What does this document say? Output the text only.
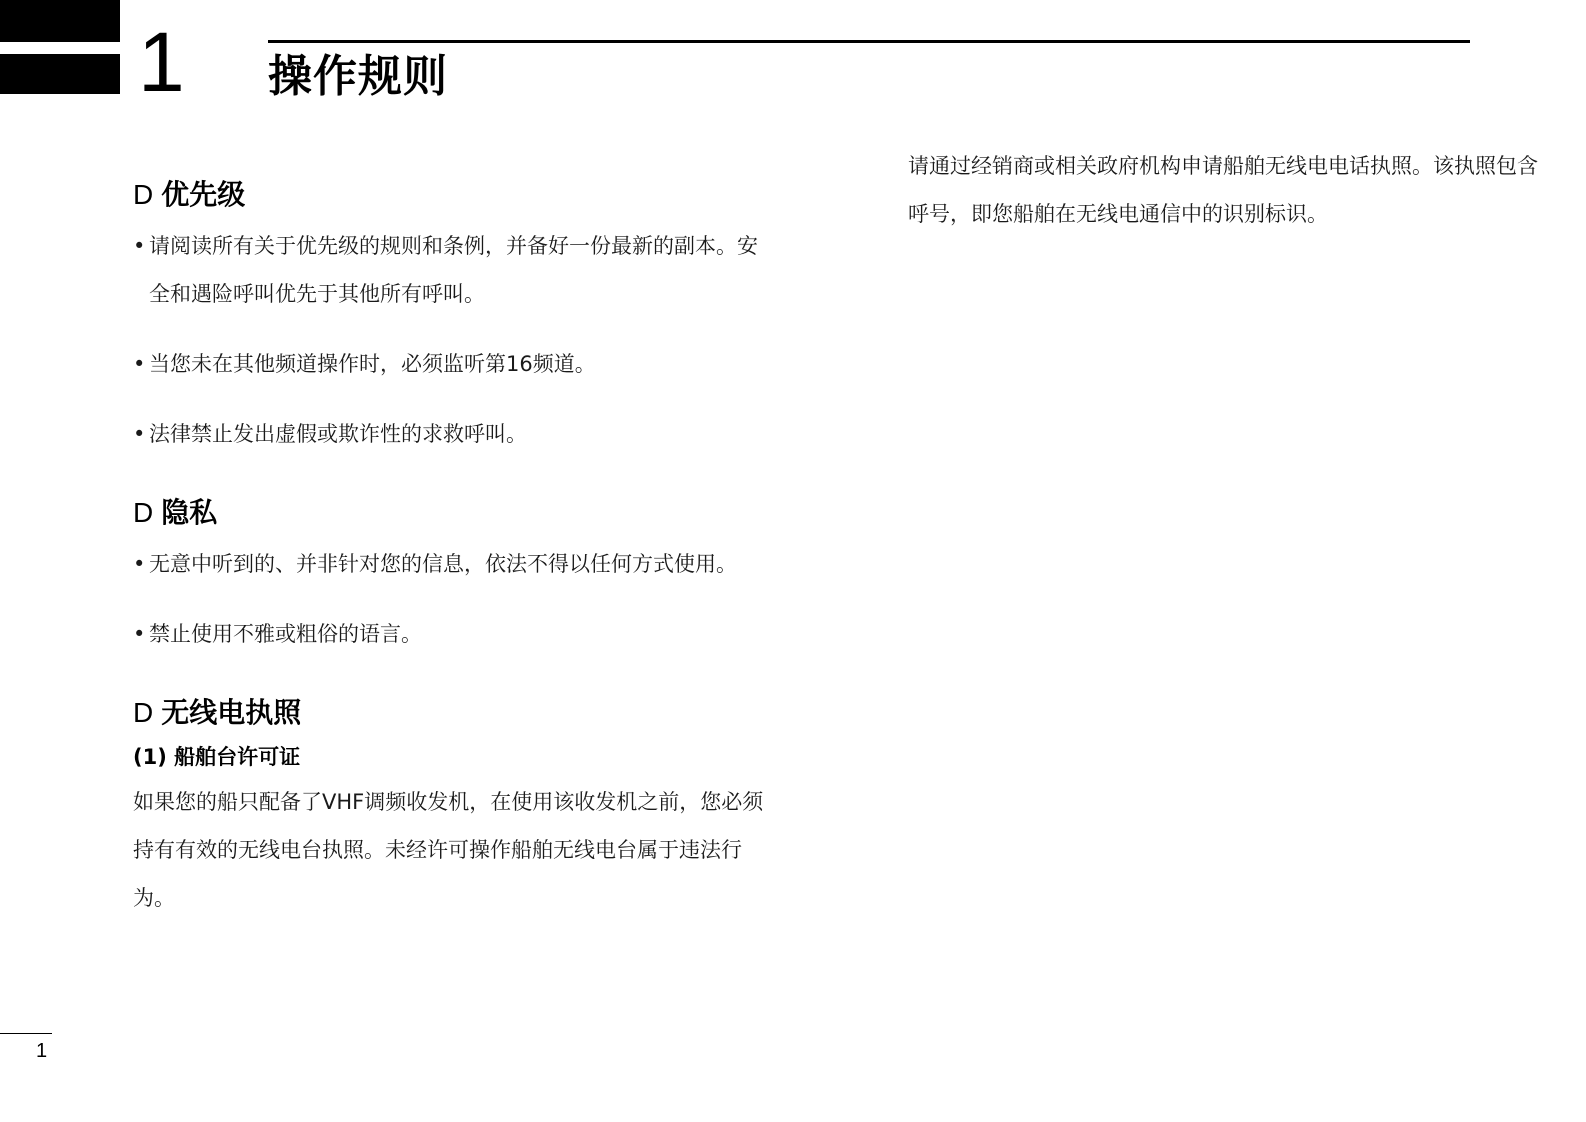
1 操作规则
D 优先级
• 请阅读所有关于优先级的规则和条例，并备好一份最新的副本。安全和遇险呼叫优先于其他所有呼叫。
• 当您未在其他频道操作时，必须监听第16频道。
• 法律禁止发出虚假或欺诈性的求救呼叫。
D 隐私
• 无意中听到的、并非针对您的信息，依法不得以任何方式使用。
• 禁止使用不雅或粗俗的语言。
D 无线电执照
(1) 船舶台许可证

如果您的船只配备了VHF调频收发机，在使用该收发机之前，您必须持有有效的无线电台执照。未经许可操作船舶无线电台属于违法行为。

请通过经销商或相关政府机构申请船舶无线电电话执照。该执照包含呼号，即您船舶在无线电通信中的识别标识。

1
